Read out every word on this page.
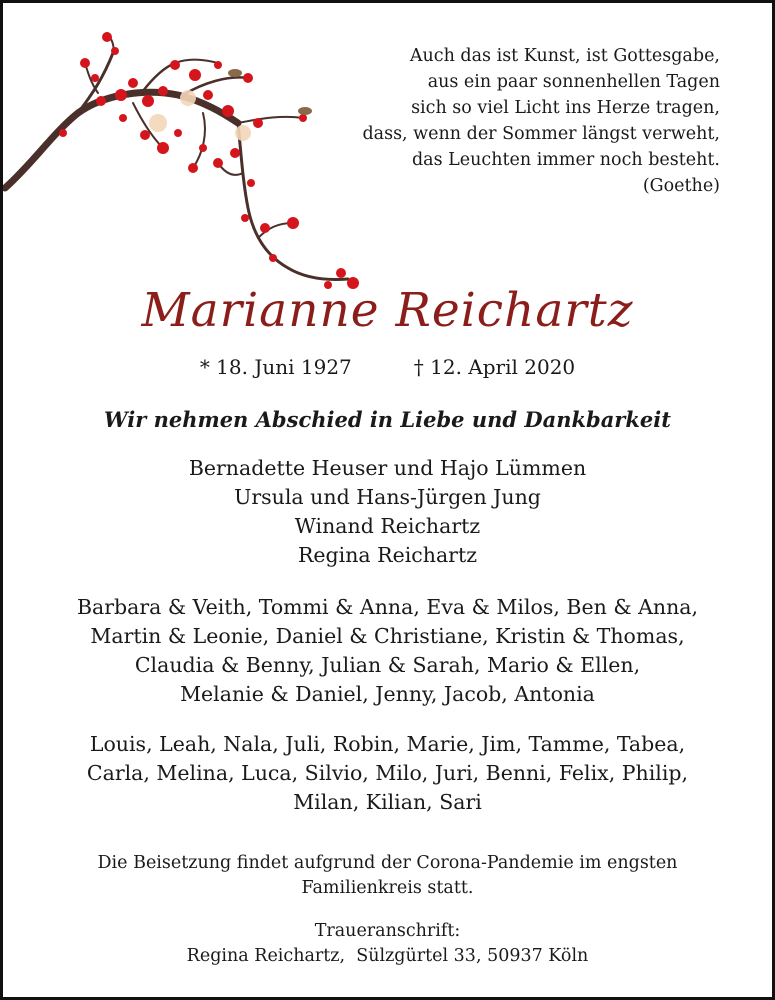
Auch das ist Kunst, ist Gottesgabe,
aus ein paar sonnenhellen Tagen
sich so viel Licht ins Herze tragen,
dass, wenn der Sommer längst verweht,
das Leuchten immer noch besteht.
(Goethe)
Marianne Reichartz
* 18. Juni 1927	† 12. April 2020
Wir nehmen Abschied in Liebe und Dankbarkeit
Bernadette Heuser und Hajo Lümmen
Ursula und Hans-Jürgen Jung
Winand Reichartz
Regina Reichartz
Barbara & Veith, Tommi & Anna, Eva & Milos, Ben & Anna,
Martin & Leonie, Daniel & Christiane, Kristin & Thomas,
Claudia & Benny, Julian & Sarah, Mario & Ellen,
Melanie & Daniel, Jenny, Jacob, Antonia
Louis, Leah, Nala, Juli, Robin, Marie, Jim, Tamme, Tabea,
Carla, Melina, Luca, Silvio, Milo, Juri, Benni, Felix, Philip,
Milan, Kilian, Sari
Die Beisetzung findet aufgrund der Corona-Pandemie im engsten
Familienkreis statt.
Traueranschrift:
Regina Reichartz,  Sülzgürtel 33, 50937 Köln
